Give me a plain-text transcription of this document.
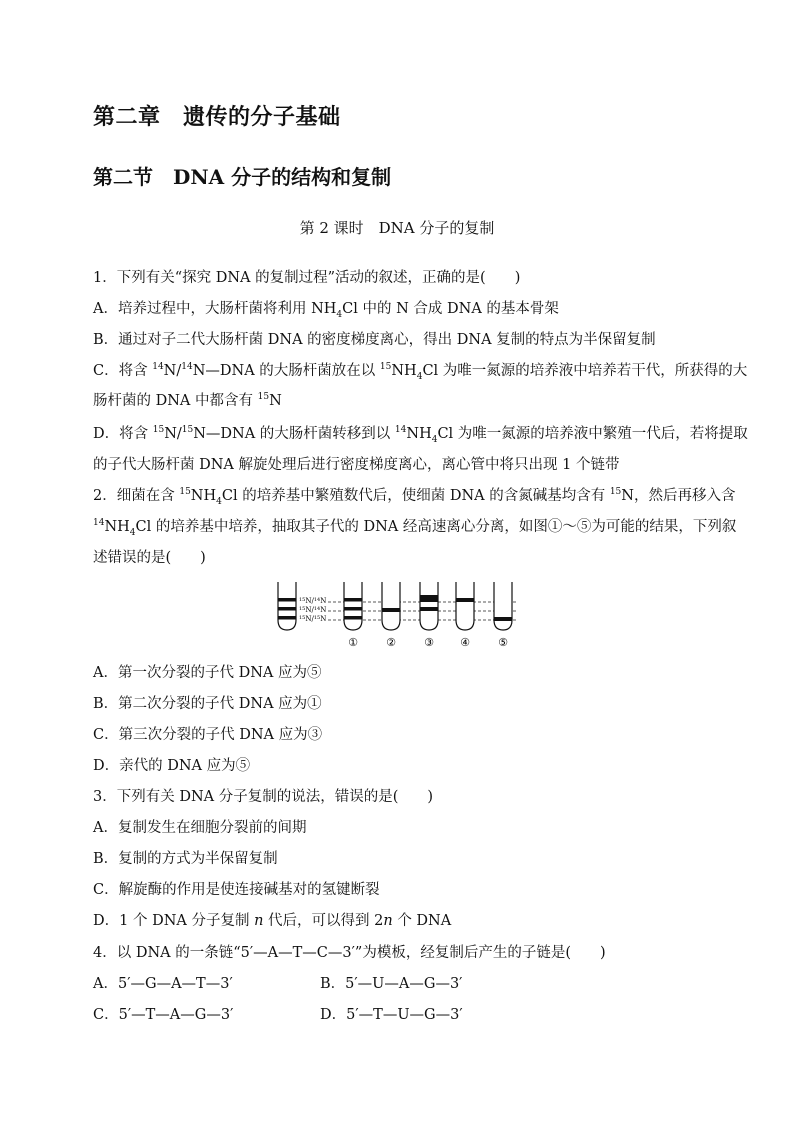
第二章　遗传的分子基础
第二节　DNA 分子的结构和复制
第 2 课时　DNA 分子的复制
1．下列有关“探究 DNA 的复制过程”活动的叙述，正确的是(　　)
A．培养过程中，大肠杆菌将利用 $NH_4Cl$ 中的 N 合成 DNA 的基本骨架
B．通过对子二代大肠杆菌 DNA 的密度梯度离心，得出 DNA 复制的特点为半保留复制
C．将含 $^{14}$N/$^{14}$N—DNA 的大肠杆菌放在以 $^{15}NH_4Cl$ 为唯一氮源的培养液中培养若干代，所获得的大
肠杆菌的 DNA 中都含有 $^{15}$N
D．将含 $^{15}$N/$^{15}$N—DNA 的大肠杆菌转移到以 $^{14}NH_4Cl$ 为唯一氮源的培养液中繁殖一代后，若将提取
的子代大肠杆菌 DNA 解旋处理后进行密度梯度离心，离心管中将只出现 1 个链带
2．细菌在含 $^{15}NH_4Cl$ 的培养基中繁殖数代后，使细菌 DNA 的含氮碱基均含有 $^{15}$N，然后再移入含
$^{14}NH_4Cl$ 的培养基中培养，抽取其子代的 DNA 经高速离心分离，如图①～⑤为可能的结果，下列叙
述错误的是(　　)
$^{15}$N/$^{14}$N
$^{15}$N/$^{14}$N
$^{15}$N/$^{15}$N
①	②	③ ④	⑤
A．第一次分裂的子代 DNA 应为⑤
B．第二次分裂的子代 DNA 应为①
C．第三次分裂的子代 DNA 应为③
D．亲代的 DNA 应为⑤
3．下列有关 DNA 分子复制的说法，错误的是(　　)
A．复制发生在细胞分裂前的间期
B．复制的方式为半保留复制
C．解旋酶的作用是使连接碱基对的氢键断裂
D．1 个 DNA 分子复制 n 代后，可以得到 2n 个 DNA
4．以 DNA 的一条链“5′—A—T—C—3′”为模板，经复制后产生的子链是(　　)
A．5′—G—A—T—3′	B．5′—U—A—G—3′
C．5′—T—A—G—3′	D．5′—T—U—G—3′
